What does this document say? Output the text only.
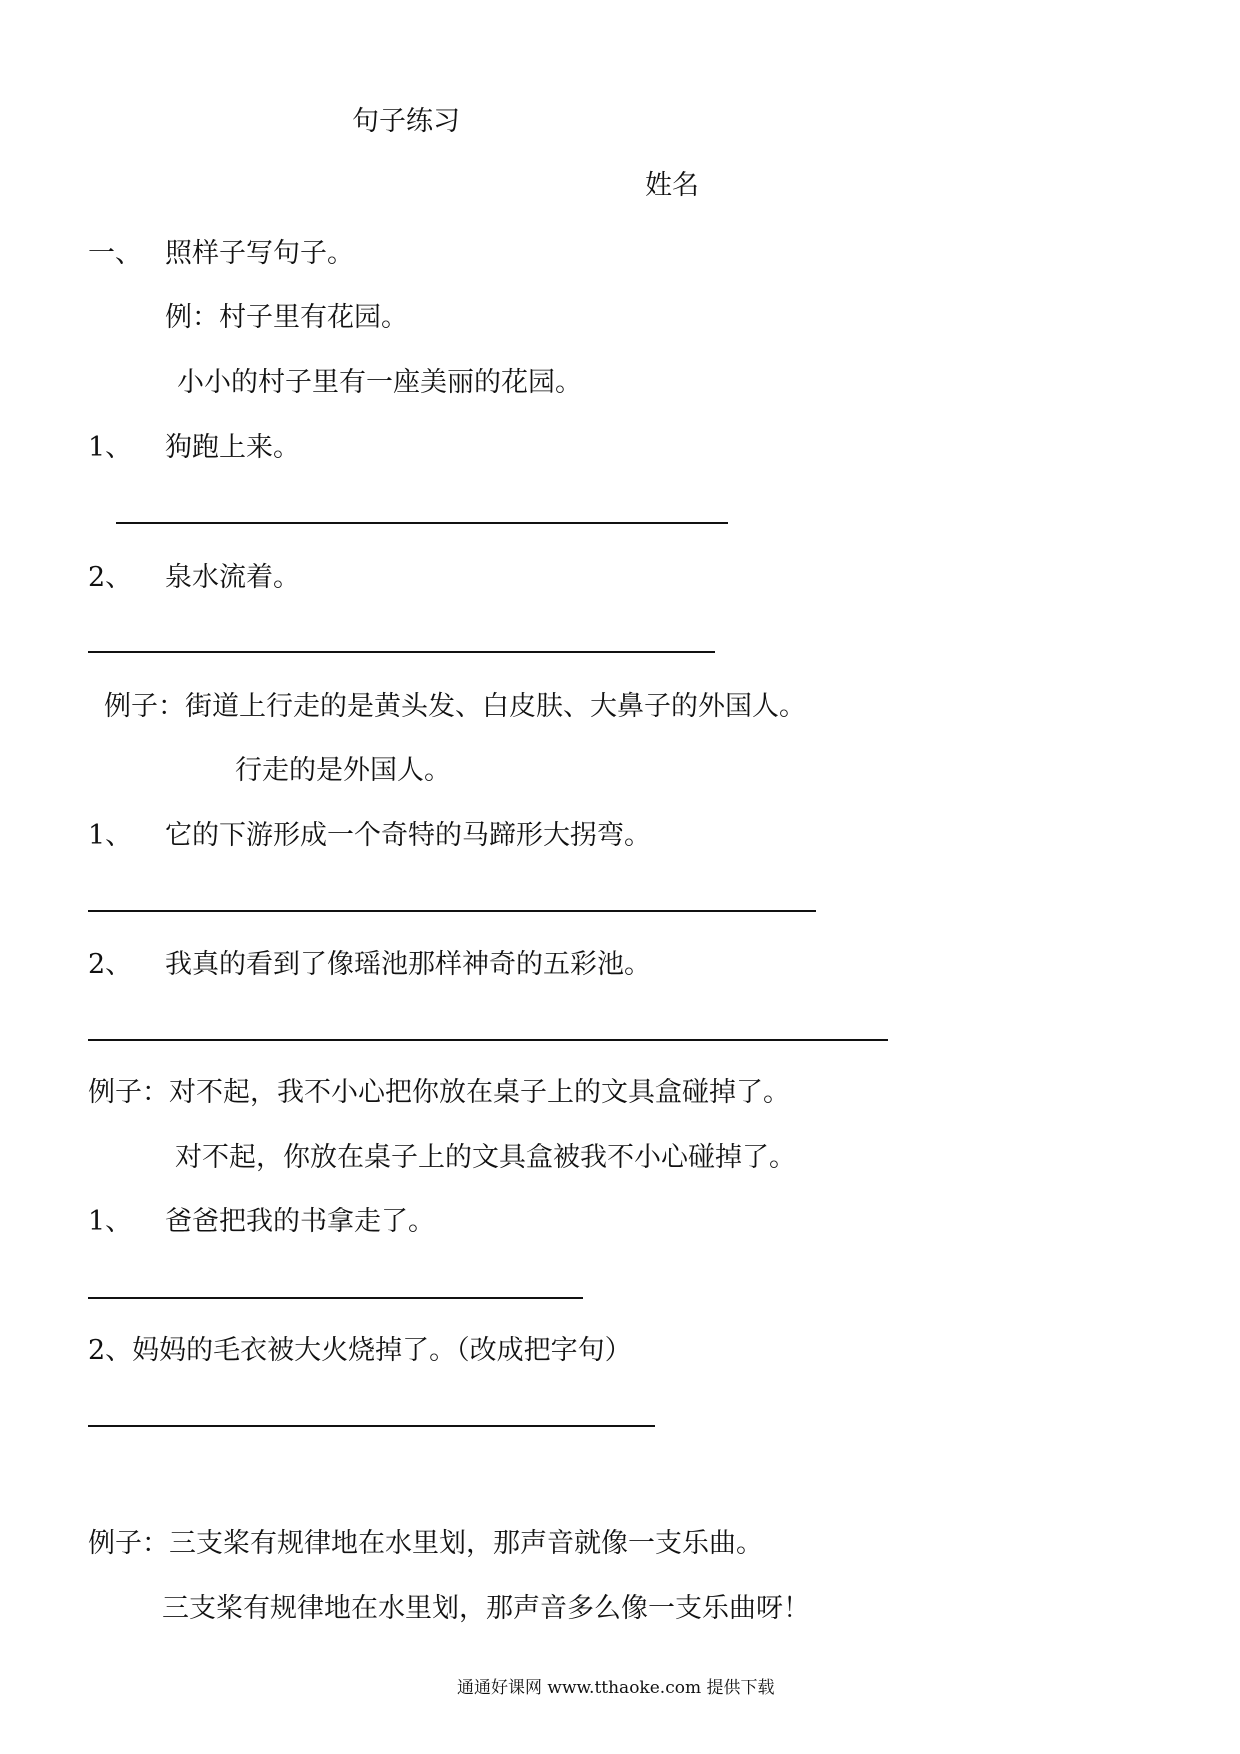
句子练习
姓名
一、 照样子写句子。
例：村子里有花园。
小小的村子里有一座美丽的花园。
1、 狗跑上来。
2、 泉水流着。
例子：街道上行走的是黄头发、白皮肤、大鼻子的外国人。
行走的是外国人。
1、 它的下游形成一个奇特的马蹄形大拐弯。
2、 我真的看到了像瑶池那样神奇的五彩池。
例子：对不起，我不小心把你放在桌子上的文具盒碰掉了。
对不起，你放在桌子上的文具盒被我不小心碰掉了。
1、 爸爸把我的书拿走了。
2、妈妈的毛衣被大火烧掉了。（改成把字句）
例子：三支桨有规律地在水里划，那声音就像一支乐曲。
三支桨有规律地在水里划，那声音多么像一支乐曲呀！
通通好课网 www.tthaoke.com 提供下载
